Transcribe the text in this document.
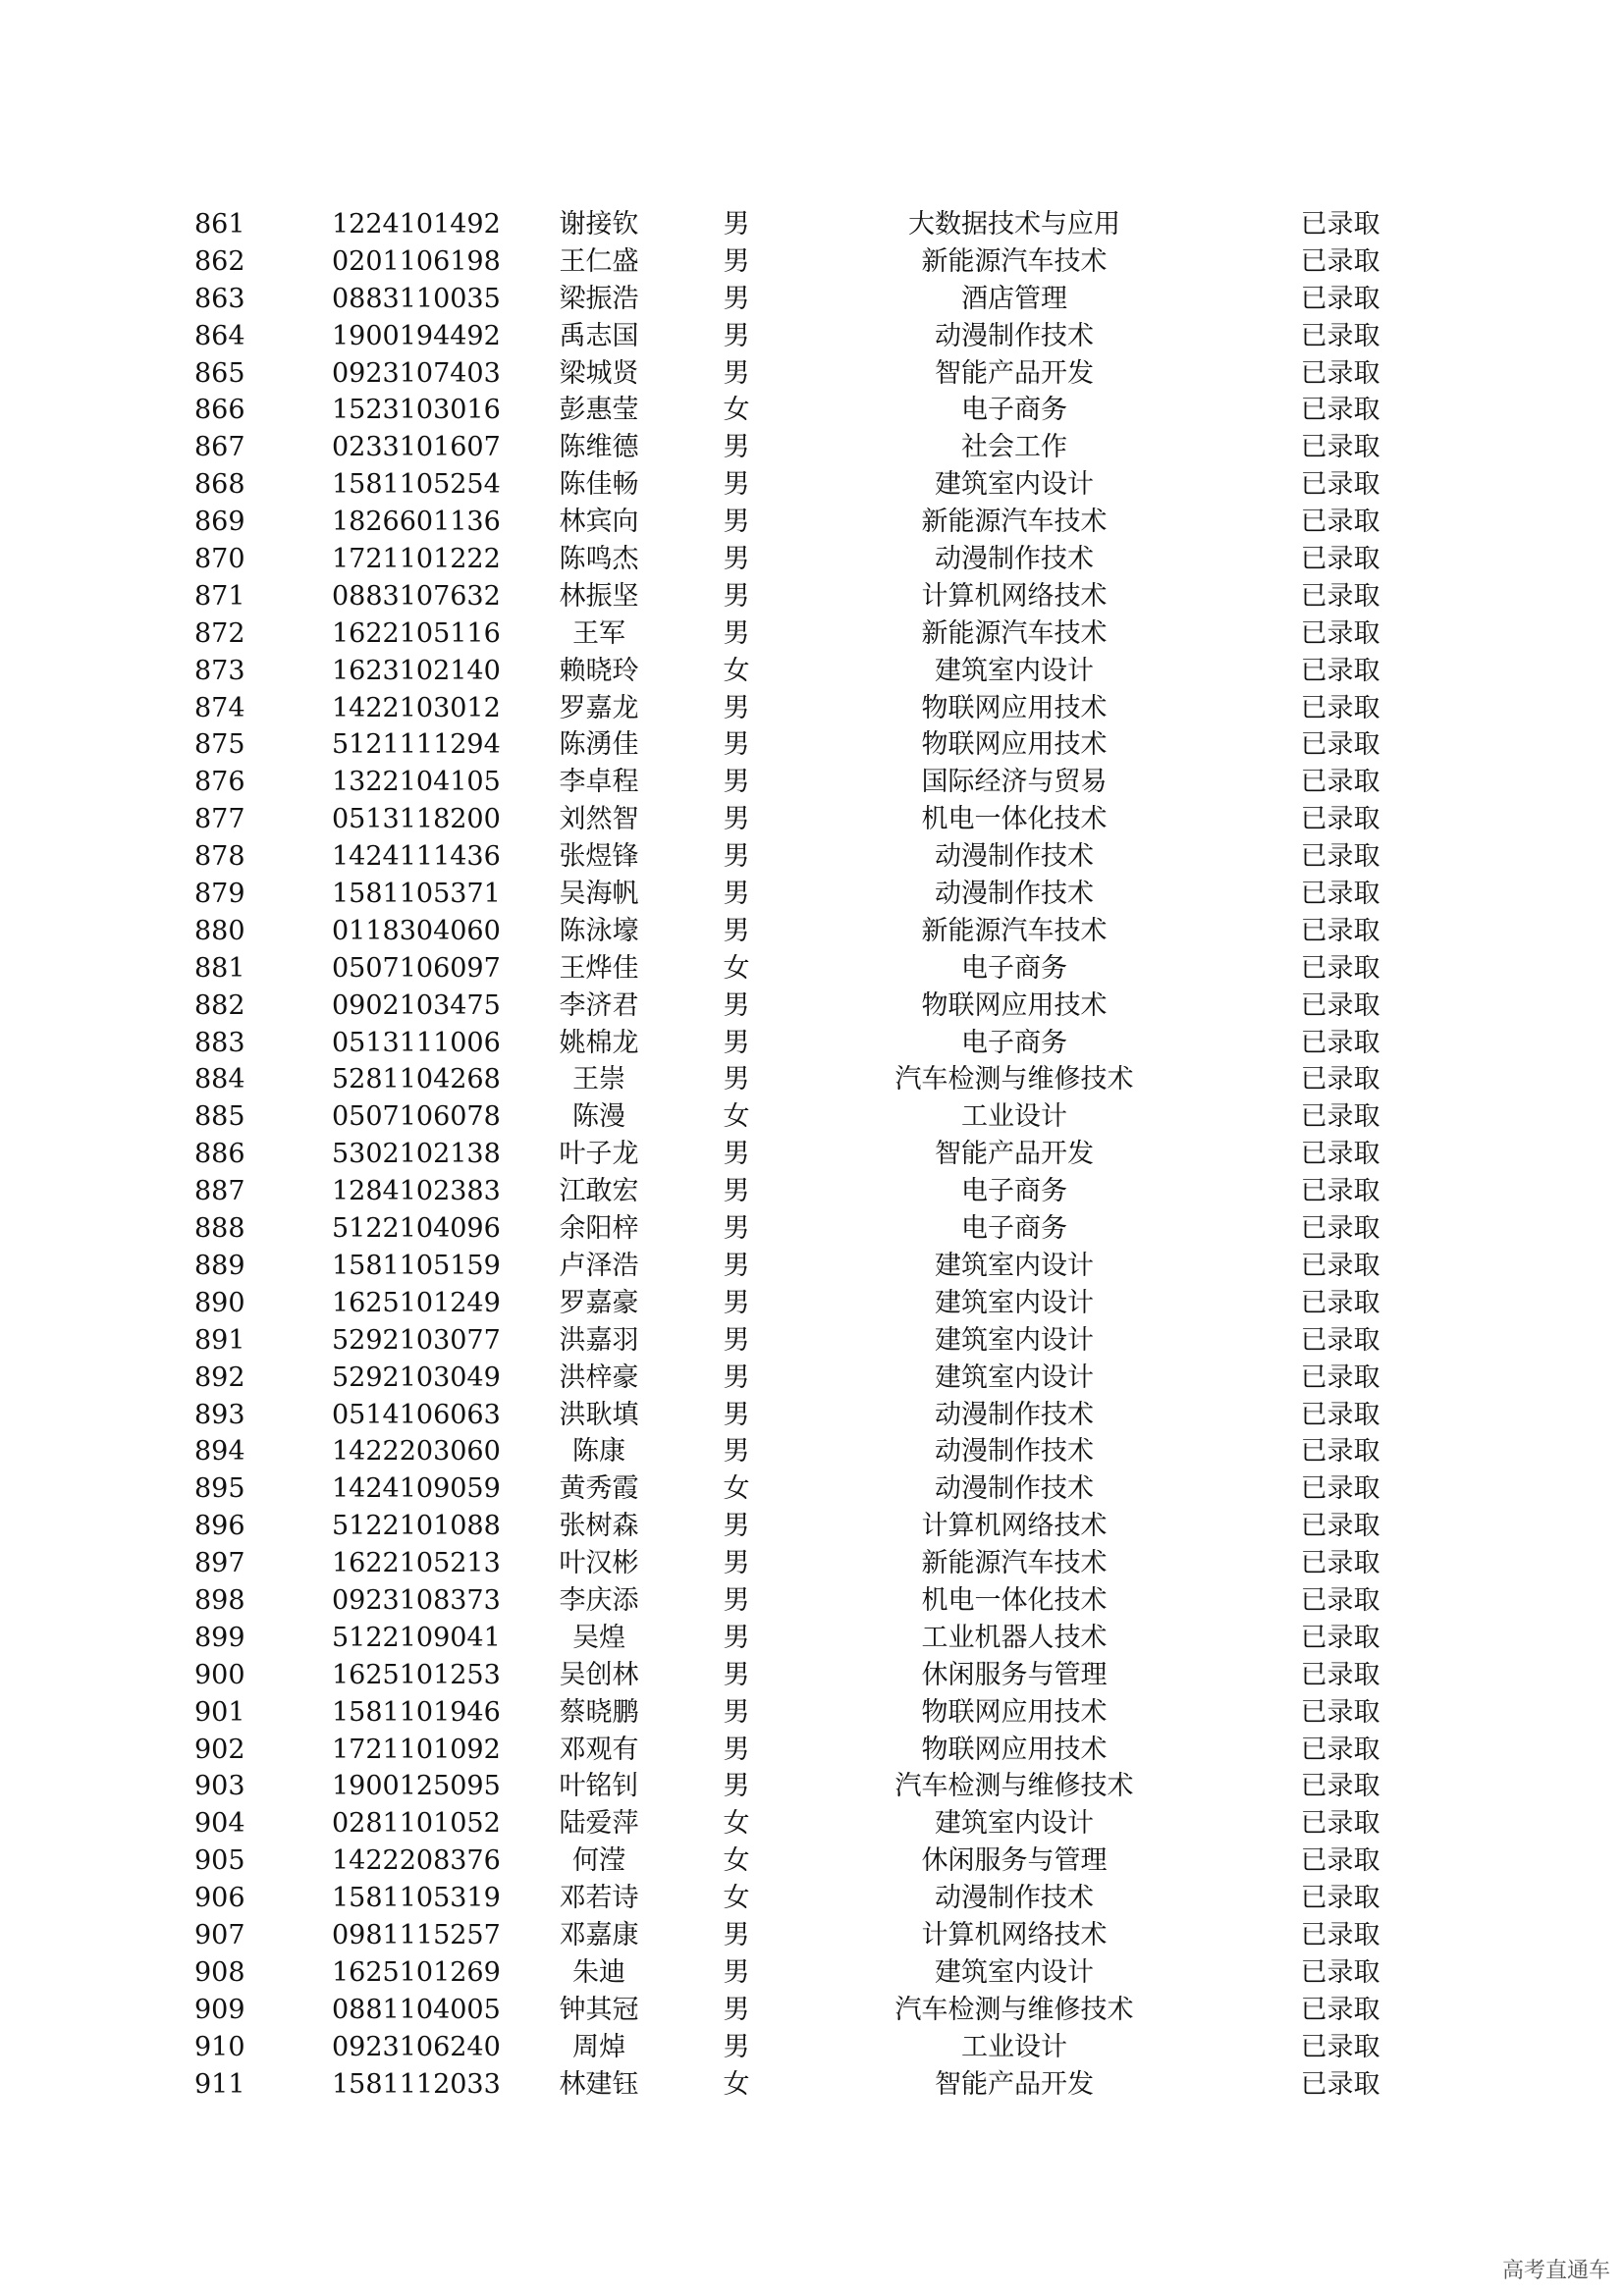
861	1224101492	谢接钦	男	大数据技术与应用	已录取
862	0201106198	王仁盛	男	新能源汽车技术	已录取
863	0883110035	梁振浩	男	酒店管理	已录取
864	1900194492	禹志国	男	动漫制作技术	已录取
865	0923107403	梁城贤	男	智能产品开发	已录取
866	1523103016	彭惠莹	女	电子商务	已录取
867	0233101607	陈维德	男	社会工作	已录取
868	1581105254	陈佳畅	男	建筑室内设计	已录取
869	1826601136	林宾向	男	新能源汽车技术	已录取
870	1721101222	陈鸣杰	男	动漫制作技术	已录取
871	0883107632	林振坚	男	计算机网络技术	已录取
872	1622105116	王军	男	新能源汽车技术	已录取
873	1623102140	赖晓玲	女	建筑室内设计	已录取
874	1422103012	罗嘉龙	男	物联网应用技术	已录取
875	5121111294	陈湧佳	男	物联网应用技术	已录取
876	1322104105	李卓程	男	国际经济与贸易	已录取
877	0513118200	刘然智	男	机电一体化技术	已录取
878	1424111436	张煜锋	男	动漫制作技术	已录取
879	1581105371	吴海帆	男	动漫制作技术	已录取
880	0118304060	陈泳壕	男	新能源汽车技术	已录取
881	0507106097	王烨佳	女	电子商务	已录取
882	0902103475	李济君	男	物联网应用技术	已录取
883	0513111006	姚棉龙	男	电子商务	已录取
884	5281104268	王崇	男	汽车检测与维修技术	已录取
885	0507106078	陈漫	女	工业设计	已录取
886	5302102138	叶子龙	男	智能产品开发	已录取
887	1284102383	江敢宏	男	电子商务	已录取
888	5122104096	余阳梓	男	电子商务	已录取
889	1581105159	卢泽浩	男	建筑室内设计	已录取
890	1625101249	罗嘉豪	男	建筑室内设计	已录取
891	5292103077	洪嘉羽	男	建筑室内设计	已录取
892	5292103049	洪梓豪	男	建筑室内设计	已录取
893	0514106063	洪耿填	男	动漫制作技术	已录取
894	1422203060	陈康	男	动漫制作技术	已录取
895	1424109059	黄秀霞	女	动漫制作技术	已录取
896	5122101088	张树森	男	计算机网络技术	已录取
897	1622105213	叶汉彬	男	新能源汽车技术	已录取
898	0923108373	李庆添	男	机电一体化技术	已录取
899	5122109041	吴煌	男	工业机器人技术	已录取
900	1625101253	吴创林	男	休闲服务与管理	已录取
901	1581101946	蔡晓鹏	男	物联网应用技术	已录取
902	1721101092	邓观有	男	物联网应用技术	已录取
903	1900125095	叶铭钊	男	汽车检测与维修技术	已录取
904	0281101052	陆爱萍	女	建筑室内设计	已录取
905	1422208376	何滢	女	休闲服务与管理	已录取
906	1581105319	邓若诗	女	动漫制作技术	已录取
907	0981115257	邓嘉康	男	计算机网络技术	已录取
908	1625101269	朱迪	男	建筑室内设计	已录取
909	0881104005	钟其冠	男	汽车检测与维修技术	已录取
910	0923106240	周焯	男	工业设计	已录取
911	1581112033	林建钰	女	智能产品开发	已录取
高考直通车
